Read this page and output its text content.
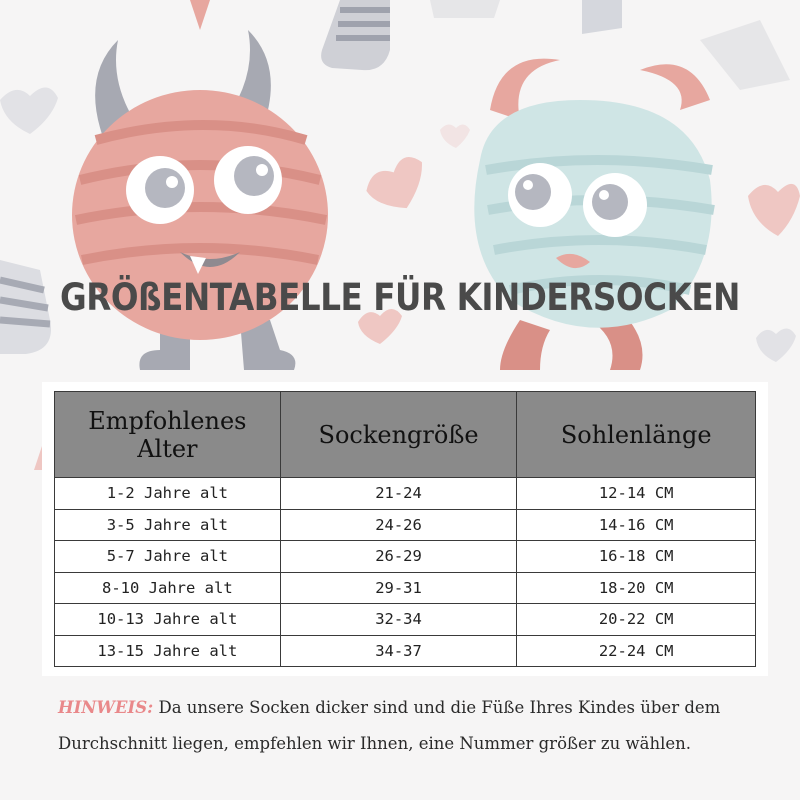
GRÖßENTABELLE FÜR KINDERSOCKEN
Empfohlenes Alter	Sockengröße	Sohlenlänge
1-2 Jahre alt	21-24	12-14 CM
3-5 Jahre alt	24-26	14-16 CM
5-7 Jahre alt	26-29	16-18 CM
8-10 Jahre alt	29-31	18-20 CM
10-13 Jahre alt	32-34	20-22 CM
13-15 Jahre alt	34-37	22-24 CM
HINWEIS: Da unsere Socken dicker sind und die Füße Ihres Kindes über dem Durchschnitt liegen, empfehlen wir Ihnen, eine Nummer größer zu wählen.
